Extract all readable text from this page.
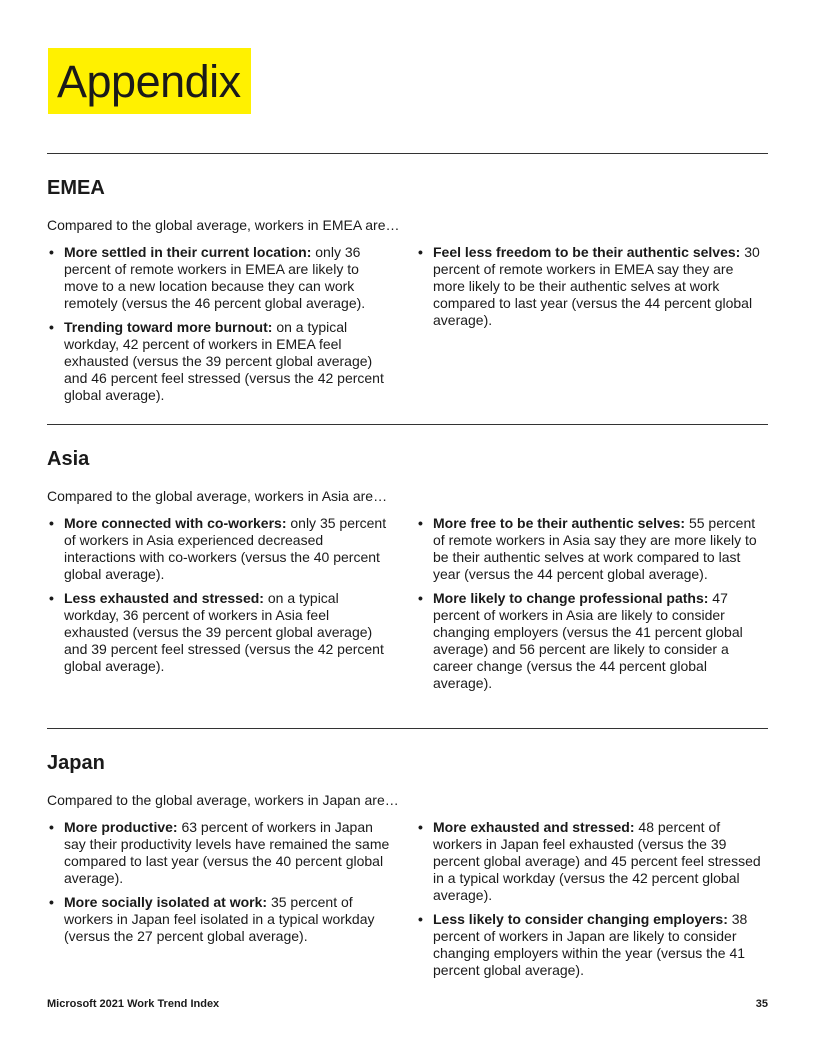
Appendix
EMEA

Compared to the global average, workers in EMEA are…

• More settled in their current location: only 36 percent of remote workers in EMEA are likely to move to a new location because they can work remotely (versus the 46 percent global average).
• Trending toward more burnout: on a typical workday, 42 percent of workers in EMEA feel exhausted (versus the 39 percent global average) and 46 percent feel stressed (versus the 42 percent global average).
• Feel less freedom to be their authentic selves: 30 percent of remote workers in EMEA say they are more likely to be their authentic selves at work compared to last year (versus the 44 percent global average).
Asia

Compared to the global average, workers in Asia are…

• More connected with co-workers: only 35 percent of workers in Asia experienced decreased interactions with co-workers (versus the 40 percent global average).
• Less exhausted and stressed: on a typical workday, 36 percent of workers in Asia feel exhausted (versus the 39 percent global average) and 39 percent feel stressed (versus the 42 percent global average).
• More free to be their authentic selves: 55 percent of remote workers in Asia say they are more likely to be their authentic selves at work compared to last year (versus the 44 percent global average).
• More likely to change professional paths: 47 percent of workers in Asia are likely to consider changing employers (versus the 41 percent global average) and 56 percent are likely to consider a career change (versus the 44 percent global average).
Japan

Compared to the global average, workers in Japan are…

• More productive: 63 percent of workers in Japan say their productivity levels have remained the same compared to last year (versus the 40 percent global average).
• More socially isolated at work: 35 percent of workers in Japan feel isolated in a typical workday (versus the 27 percent global average).
• More exhausted and stressed: 48 percent of workers in Japan feel exhausted (versus the 39 percent global average) and 45 percent feel stressed in a typical workday (versus the 42 percent global average).
• Less likely to consider changing employers: 38 percent of workers in Japan are likely to consider changing employers within the year (versus the 41 percent global average).
Microsoft 2021 Work Trend Index	35
